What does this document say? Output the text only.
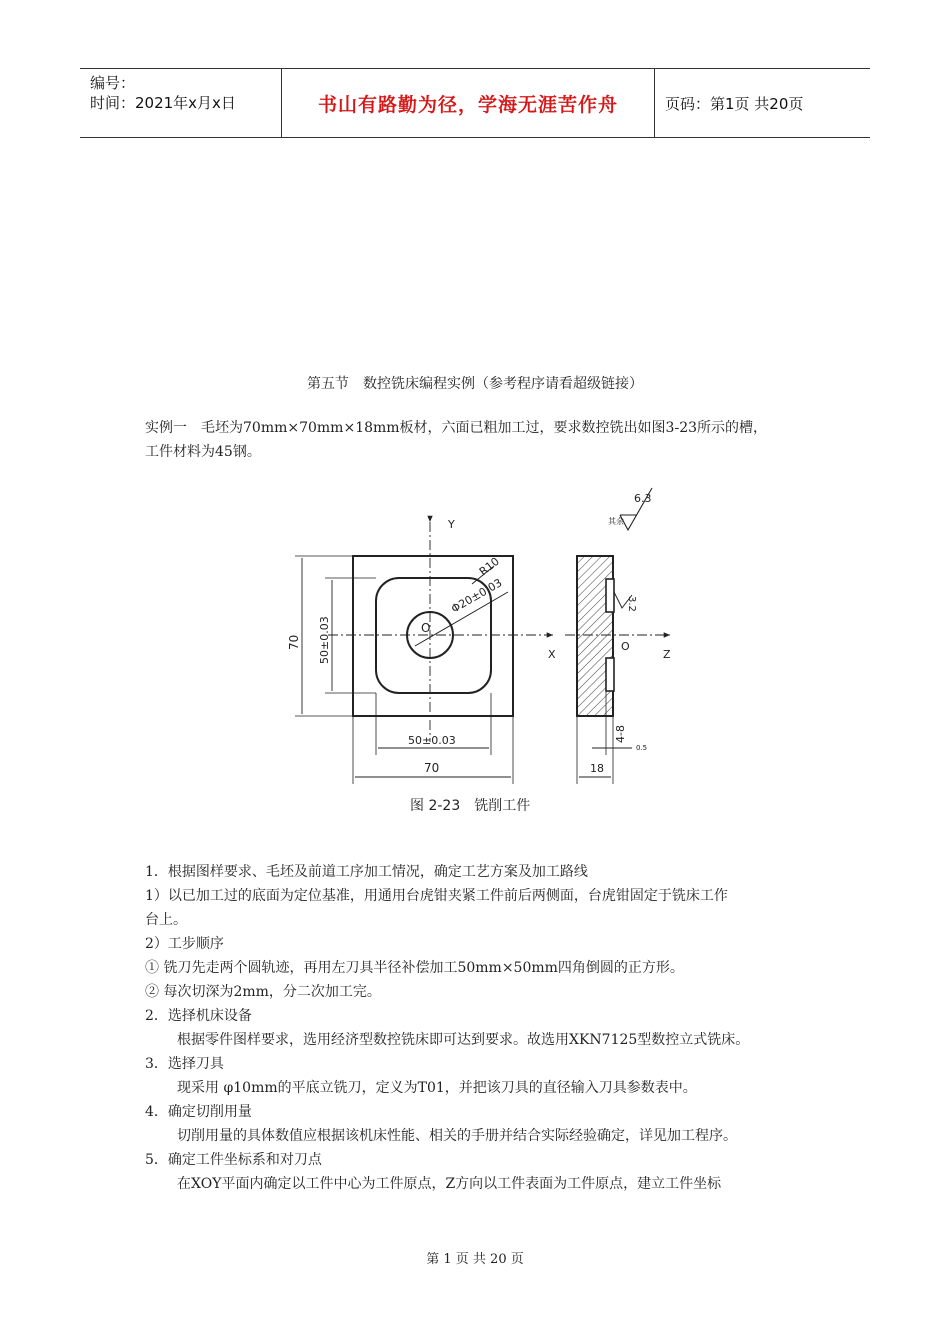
编号：
时间：2021年x月x日	书山有路勤为径，学海无涯苦作舟	页码：第1页 共20页
第五节　数控铣床编程实例（参考程序请看超级链接）
实例一　毛坯为70mm×70mm×18mm板材，六面已粗加工过，要求数控铣出如图3-23所示的槽，
工件材料为45钢。
Y
X	Z
O
O
R10
Φ20±0.03
70 50±0.03
50±0.03
70	18
4-8
0.5
6.3
其余
3.2
图 2-23　铣削工件
1．根据图样要求、毛坯及前道工序加工情况，确定工艺方案及加工路线
1）以已加工过的底面为定位基准，用通用台虎钳夹紧工件前后两侧面，台虎钳固定于铣床工作
台上。
2）工步顺序
① 铣刀先走两个圆轨迹，再用左刀具半径补偿加工50mm×50mm四角倒圆的正方形。
② 每次切深为2mm，分二次加工完。
2．选择机床设备
根据零件图样要求，选用经济型数控铣床即可达到要求。故选用XKN7125型数控立式铣床。
3．选择刀具
现采用 φ10mm的平底立铣刀，定义为T01，并把该刀具的直径输入刀具参数表中。
4．确定切削用量
切削用量的具体数值应根据该机床性能、相关的手册并结合实际经验确定，详见加工程序。
5．确定工件坐标系和对刀点
在XOY平面内确定以工件中心为工件原点，Z方向以工件表面为工件原点，建立工件坐标
第 1 页 共 20 页
